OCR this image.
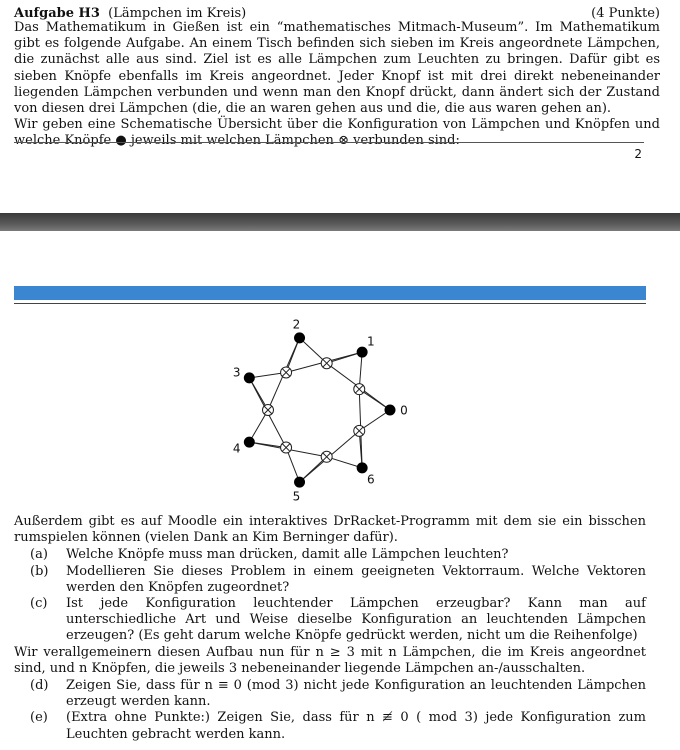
Aufgabe H3 (Lämpchen im Kreis)	(4 Punkte)

Das Mathematikum in Gießen ist ein “mathematisches Mitmach-Museum”. Im Mathematikum gibt es folgende Aufgabe. An einem Tisch befinden sich sieben im Kreis angeordnete Lämpchen, die zunächst alle aus sind. Ziel ist es alle Lämpchen zum Leuchten zu bringen. Dafür gibt es sieben Knöpfe ebenfalls im Kreis angeordnet. Jeder Knopf ist mit drei direkt nebeneinander liegenden Lämpchen verbunden und wenn man den Knopf drückt, dann ändert sich der Zustand von diesen drei Lämpchen (die, die an waren gehen aus und die, die aus waren gehen an).

Wir geben eine Schematische Übersicht über die Konfiguration von Lämpchen und Knöpfen und welche Knöpfe ● jeweils mit welchen Lämpchen ⊗ verbunden sind:

2
0
1
2
3
4
5
6

Außerdem gibt es auf Moodle ein interaktives DrRacket-Programm mit dem sie ein bisschen rumspielen können (vielen Dank an Kim Berninger dafür).

(a)	Welche Knöpfe muss man drücken, damit alle Lämpchen leuchten?
(b)	Modellieren Sie dieses Problem in einem geeigneten Vektorraum. Welche Vektoren werden den Knöpfen zugeordnet?
(c)	Ist jede Konfiguration leuchtender Lämpchen erzeugbar? Kann man auf unterschiedliche Art und Weise dieselbe Konfiguration an leuchtenden Lämpchen erzeugen? (Es geht darum welche Knöpfe gedrückt werden, nicht um die Reihenfolge)

Wir verallgemeinern diesen Aufbau nun für n ≥ 3 mit n Lämpchen, die im Kreis angeordnet sind, und n Knöpfen, die jeweils 3 nebeneinander liegende Lämpchen an-/ausschalten.

(d)	Zeigen Sie, dass für n ≡ 0 (mod 3) nicht jede Konfiguration an leuchtenden Lämpchen erzeugt werden kann.
(e)	(Extra ohne Punkte:) Zeigen Sie, dass für n ≢ 0 ( mod 3) jede Konfiguration zum Leuchten gebracht werden kann.
